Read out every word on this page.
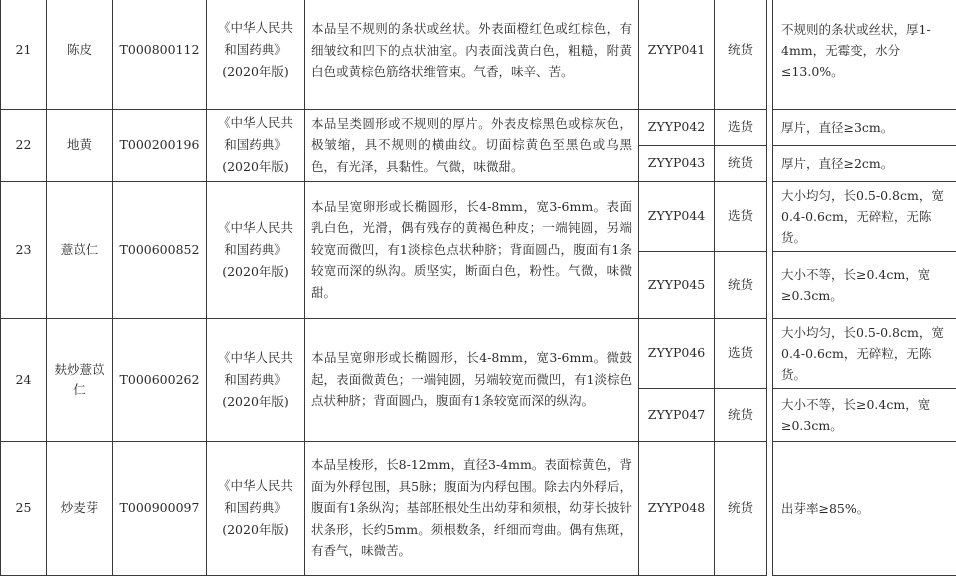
21	陈皮	T000800112	《中华人民共和国药典》(2020年版)	本品呈不规则的条状或丝状。外表面橙红色或红棕色，有细皱纹和凹下的点状油室。内表面浅黄白色，粗糙，附黄白色或黄棕色筋络状维管束。气香，味辛、苦。	ZYYP041	统货		不规则的条状或丝状，厚1-4mm，无霉变，水分≤13.0%。
22	地黄	T000200196	《中华人民共和国药典》(2020年版)	本品呈类圆形或不规则的厚片。外表皮棕黑色或棕灰色，极皱缩，具不规则的横曲纹。切面棕黄色至黑色或乌黑色，有光泽，具黏性。气微，味微甜。	ZYYP042	选货		厚片，直径≥3cm。
					ZYYP043	统货		厚片，直径≥2cm。
23	薏苡仁	T000600852	《中华人民共和国药典》(2020年版)	本品呈宽卵形或长椭圆形，长4-8mm，宽3-6mm。表面乳白色，光滑，偶有残存的黄褐色种皮；一端钝圆，另端较宽而微凹，有1淡棕色点状种脐；背面圆凸，腹面有1条较宽而深的纵沟。质坚实，断面白色，粉性。气微，味微甜。	ZYYP044	选货		大小均匀，长0.5-0.8cm，宽0.4-0.6cm，无碎粒，无陈货。
					ZYYP045	统货		大小不等，长≥0.4cm，宽≥0.3cm。
24	麸炒薏苡仁	T000600262	《中华人民共和国药典》(2020年版)	本品呈宽卵形或长椭圆形，长4-8mm，宽3-6mm。微鼓起，表面微黄色；一端钝圆，另端较宽而微凹，有1淡棕色点状种脐；背面圆凸，腹面有1条较宽而深的纵沟。	ZYYP046	选货		大小均匀，长0.5-0.8cm，宽0.4-0.6cm，无碎粒，无陈货。
					ZYYP047	统货		大小不等，长≥0.4cm，宽≥0.3cm。
25	炒麦芽	T000900097	《中华人民共和国药典》(2020年版)	本品呈梭形，长8-12mm，直径3-4mm。表面棕黄色，背面为外稃包围，具5脉；腹面为内稃包围。除去内外稃后，腹面有1条纵沟；基部胚根处生出幼芽和须根，幼芽长披针状条形，长约5mm。须根数条，纤细而弯曲。偶有焦斑，有香气，味微苦。	ZYYP048	统货		出芽率≥85%。
